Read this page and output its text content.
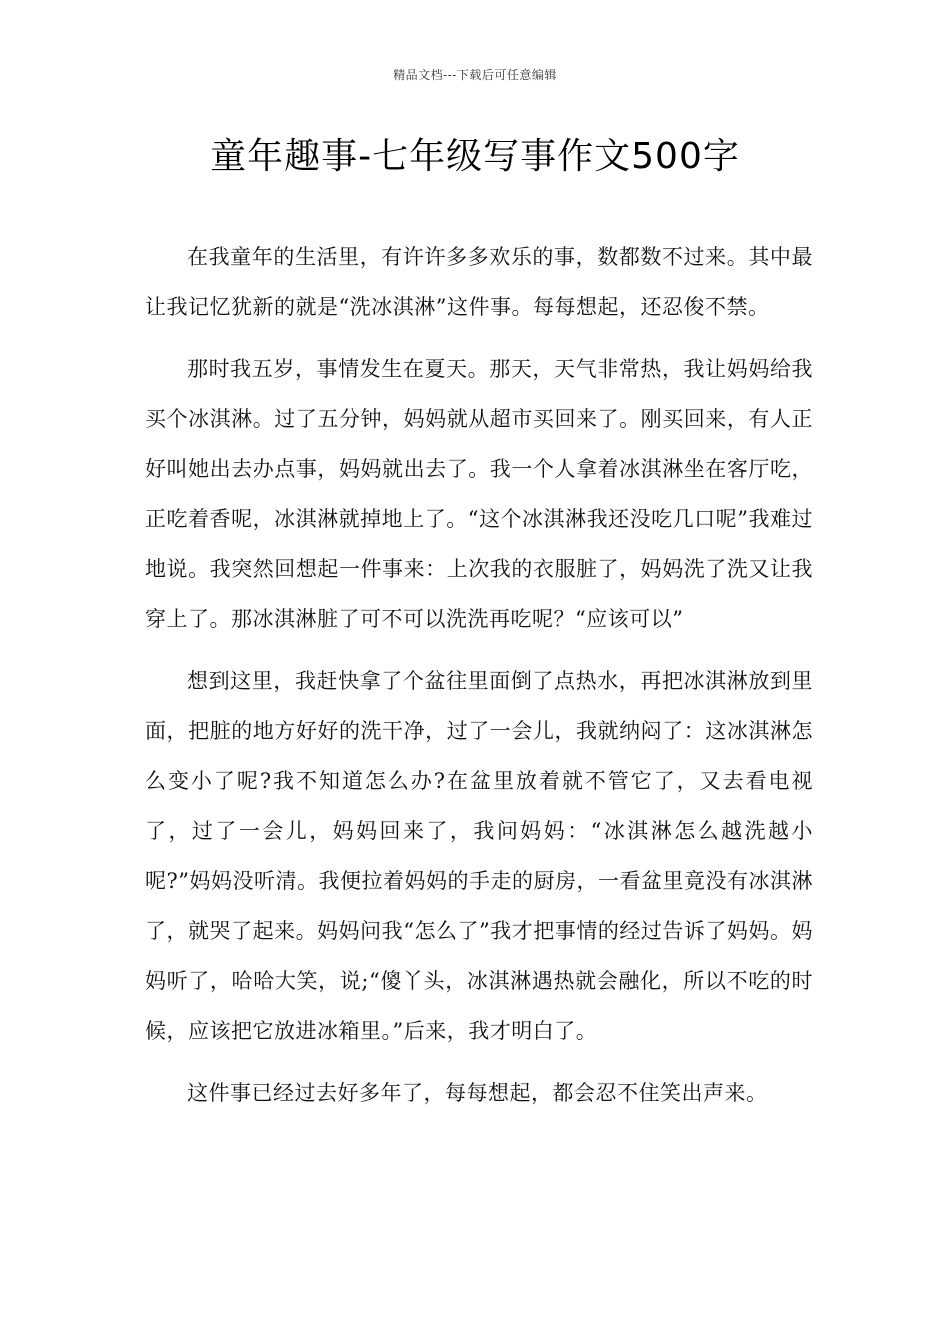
精品文档---下载后可任意编辑
童年趣事-七年级写事作文500字

在我童年的生活里，有许许多多欢乐的事，数都数不过来。其中最让我记忆犹新的就是“洗冰淇淋”这件事。每每想起，还忍俊不禁。

那时我五岁，事情发生在夏天。那天，天气非常热，我让妈妈给我买个冰淇淋。过了五分钟，妈妈就从超市买回来了。刚买回来，有人正好叫她出去办点事，妈妈就出去了。我一个人拿着冰淇淋坐在客厅吃，正吃着香呢，冰淇淋就掉地上了。“这个冰淇淋我还没吃几口呢”我难过地说。我突然回想起一件事来：上次我的衣服脏了，妈妈洗了洗又让我穿上了。那冰淇淋脏了可不可以洗洗再吃呢？“应该可以”

想到这里，我赶快拿了个盆往里面倒了点热水，再把冰淇淋放到里面，把脏的地方好好的洗干净，过了一会儿，我就纳闷了：这冰淇淋怎么变小了呢?我不知道怎么办?在盆里放着就不管它了，又去看电视了，过了一会儿，妈妈回来了，我问妈妈：“冰淇淋怎么越洗越小呢?”妈妈没听清。我便拉着妈妈的手走的厨房，一看盆里竟没有冰淇淋了，就哭了起来。妈妈问我“怎么了”我才把事情的经过告诉了妈妈。妈妈听了，哈哈大笑，说;“傻丫头，冰淇淋遇热就会融化，所以不吃的时候，应该把它放进冰箱里。”后来，我才明白了。

这件事已经过去好多年了，每每想起，都会忍不住笑出声来。
